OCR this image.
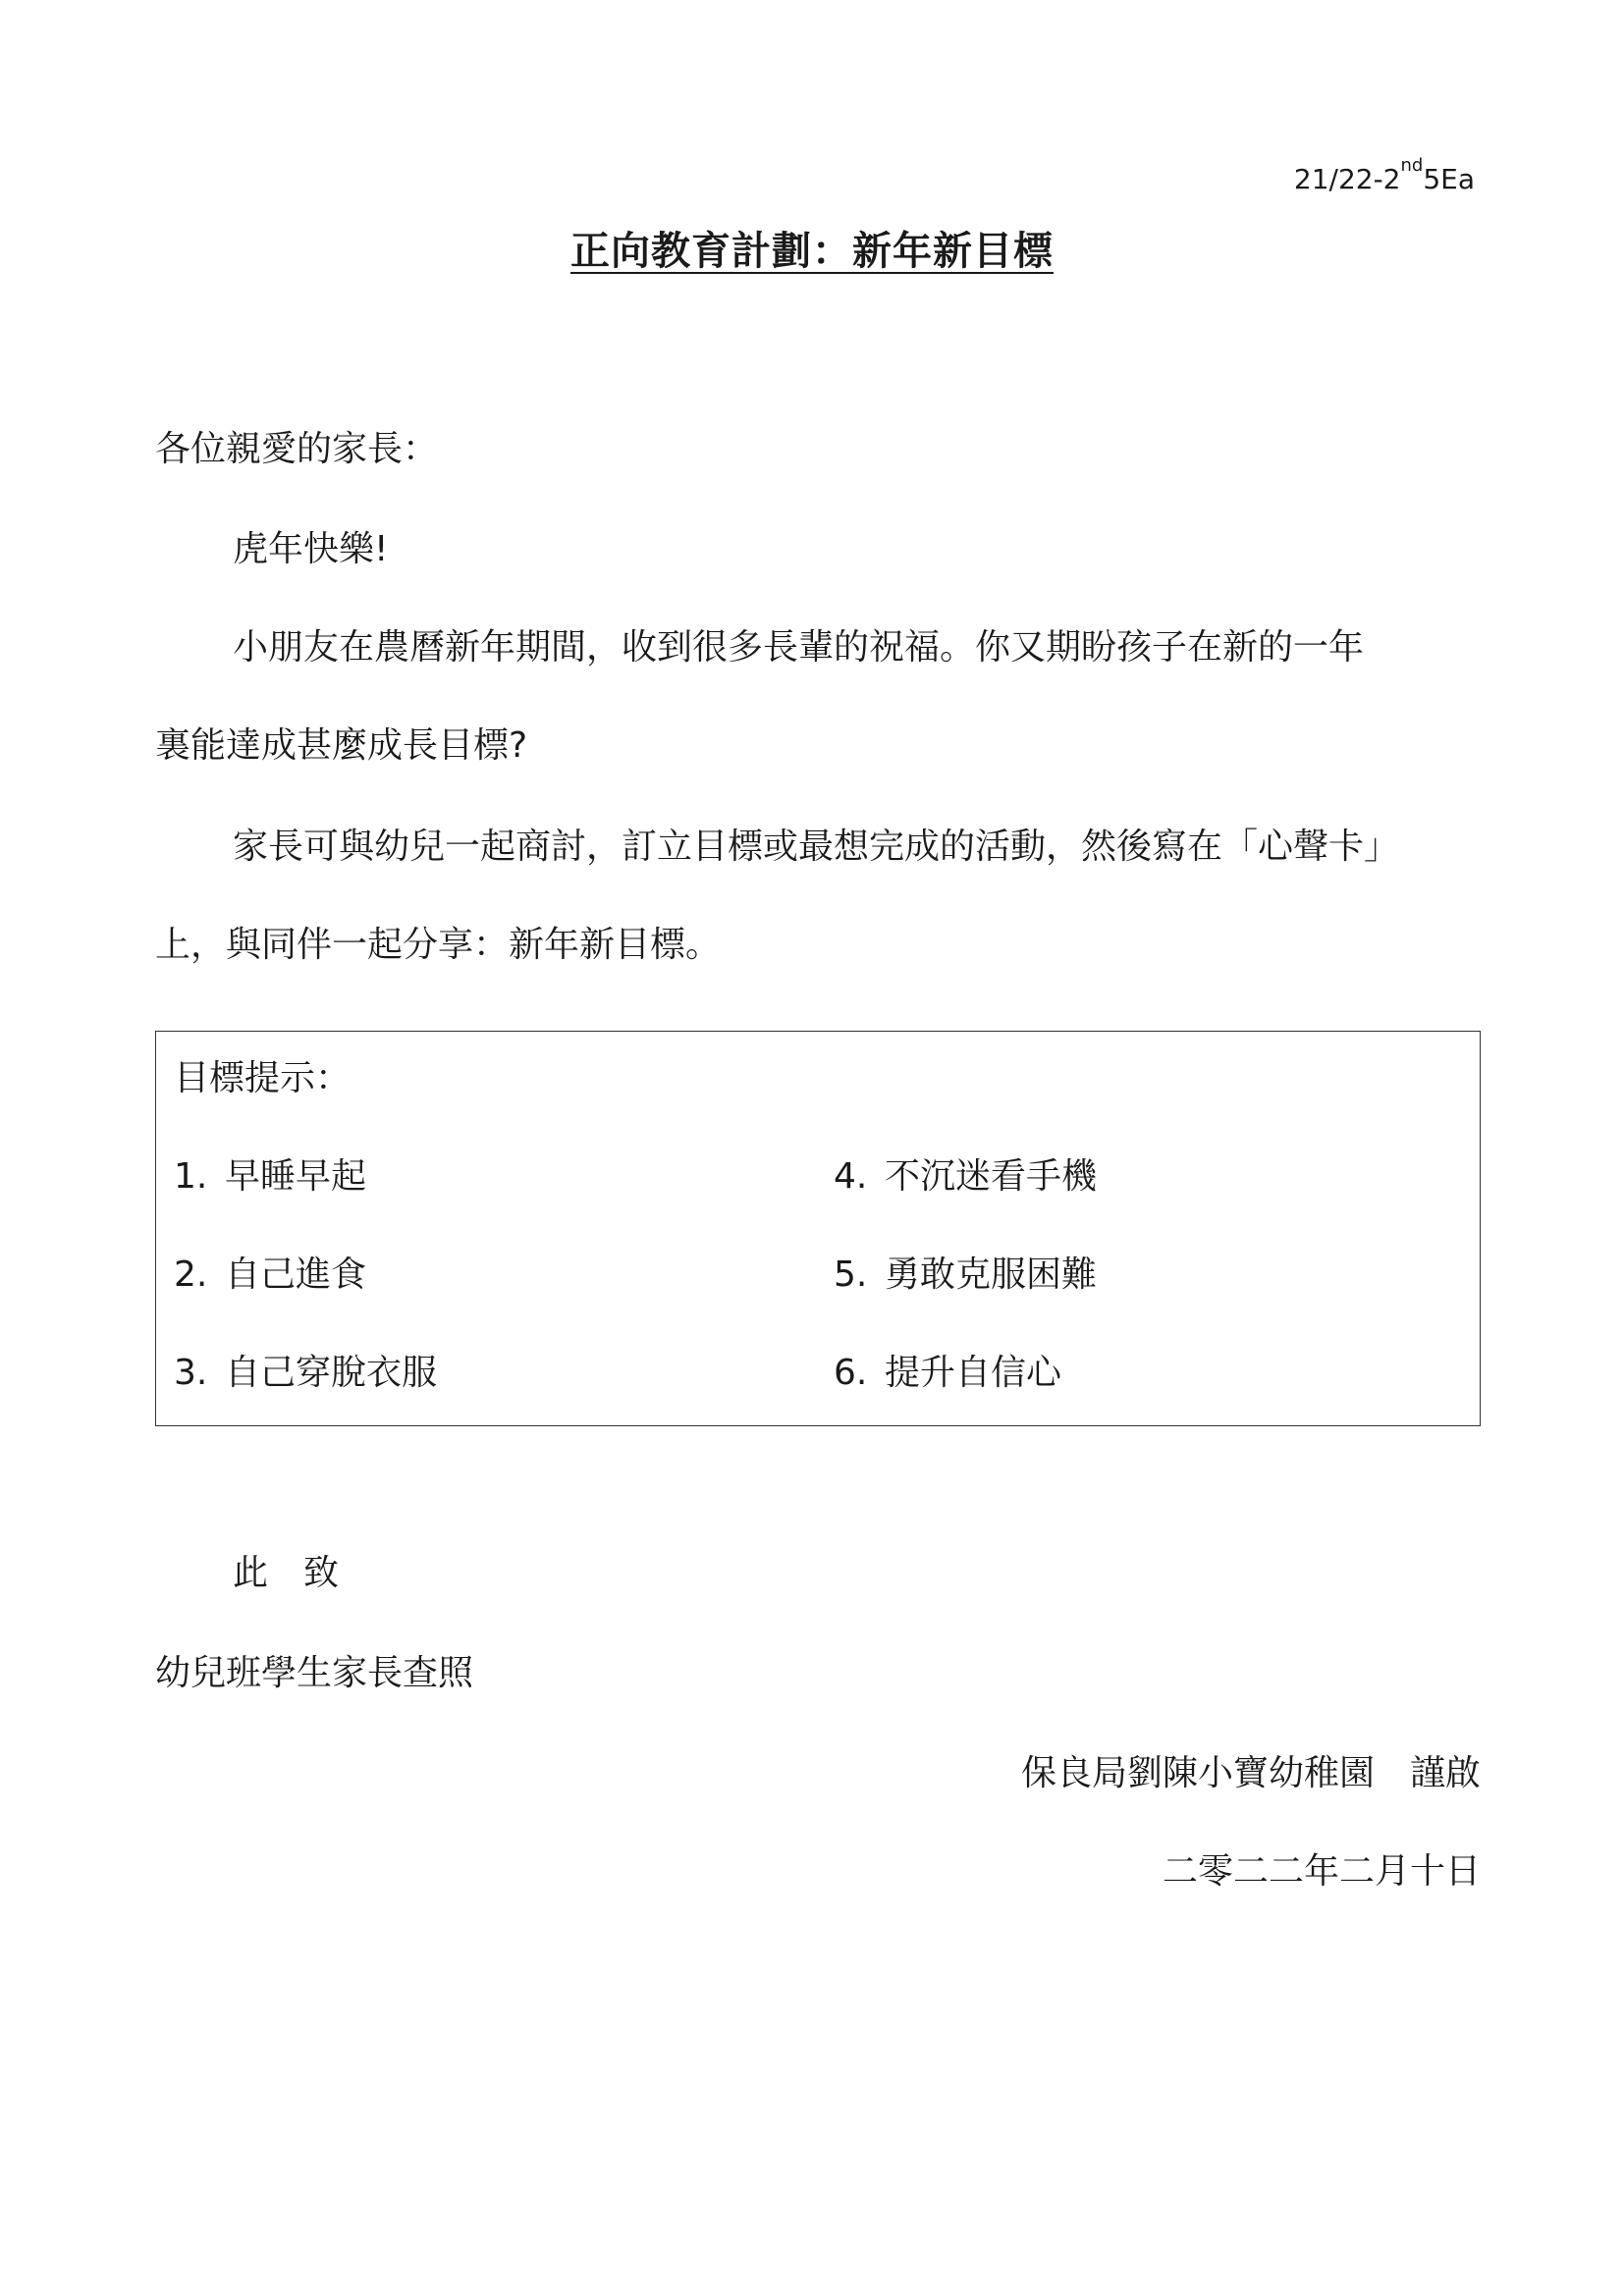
21/22-2nd5Ea
正向教育計劃：新年新目標
各位親愛的家長：
虎年快樂!
小朋友在農曆新年期間，收到很多長輩的祝福。你又期盼孩子在新的一年
裏能達成甚麼成長目標?
家長可與幼兒一起商討，訂立目標或最想完成的活動，然後寫在「心聲卡」
上，與同伴一起分享：新年新目標。
目標提示：
1. 早睡早起
2. 自己進食
3. 自己穿脫衣服
4. 不沉迷看手機
5. 勇敢克服困難
6. 提升自信心
此　致
幼兒班學生家長查照
保良局劉陳小寶幼稚園　謹啟
二零二二年二月十日
